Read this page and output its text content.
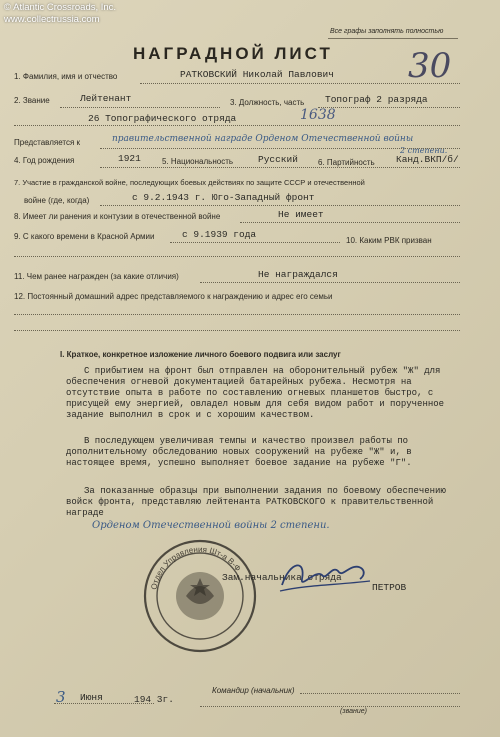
© Atlantic Crossroads, Inc.
www.collectrussia.com
Все графы заполнять полностью
НАГРАДНОЙ ЛИСТ 30
1. Фамилия, имя и отчество	РАТКОВСКИЙ Николай Павлович
2. Звание	Лейтенант	3. Должность, часть Топограф 2 разряда
26 Топографического отряда	1638
Представляется к	правительственной награде Орденом Отечественной войны
2 степени.
4. Год рождения	1921	5. Национальность	Русский	6. Партийность Канд.ВКП/б/
7. Участие в гражданской войне, последующих боевых действиях по защите СССР и отечественной
войне (где, когда)	с 9.2.1943 г. Юго-Западный фронт
8. Имеет ли ранения и контузии в отечественной войне	Не имеет
9. С какого времени в Красной Армии	с 9.1939 года
10. Каким РВК призван
11. Чем ранее награжден (за какие отличия)	Не награждался
12. Постоянный домашний адрес представляемого к награждению и адрес его семьи
I. Краткое, конкретное изложение личного боевого подвига или заслуг
С прибытием на фронт был отправлен на оборонительный рубеж "Ж" для обеспечения огневой документацией батарейных рубежа. Несмотря на отсутствие опыта в работе по составлению огневых планшетов быстро, с присущей ему энергией, овладел новым для себя видом работ и порученное задание выполнил в срок и с хорошим качеством.
В последующем увеличивая темпы и качество произвел работы по дополнительному обследованию новых сооружений на рубеже "Ж" и, в настоящее время, успешно выполняет боевое задание на рубеже "Г".
За показанные образцы при выполнении задания по боевому обеспечению войск фронта, представляю лейтенанта РАТКОВСКОГО к правительственной награде
Орденом Отечественной войны 2 степени.
Отдел Управления Шт-а В-Ф
Зам.начальника отряда
ПЕТРОВ
3 Июня	194 3г.
Командир (начальник)
(звание)
